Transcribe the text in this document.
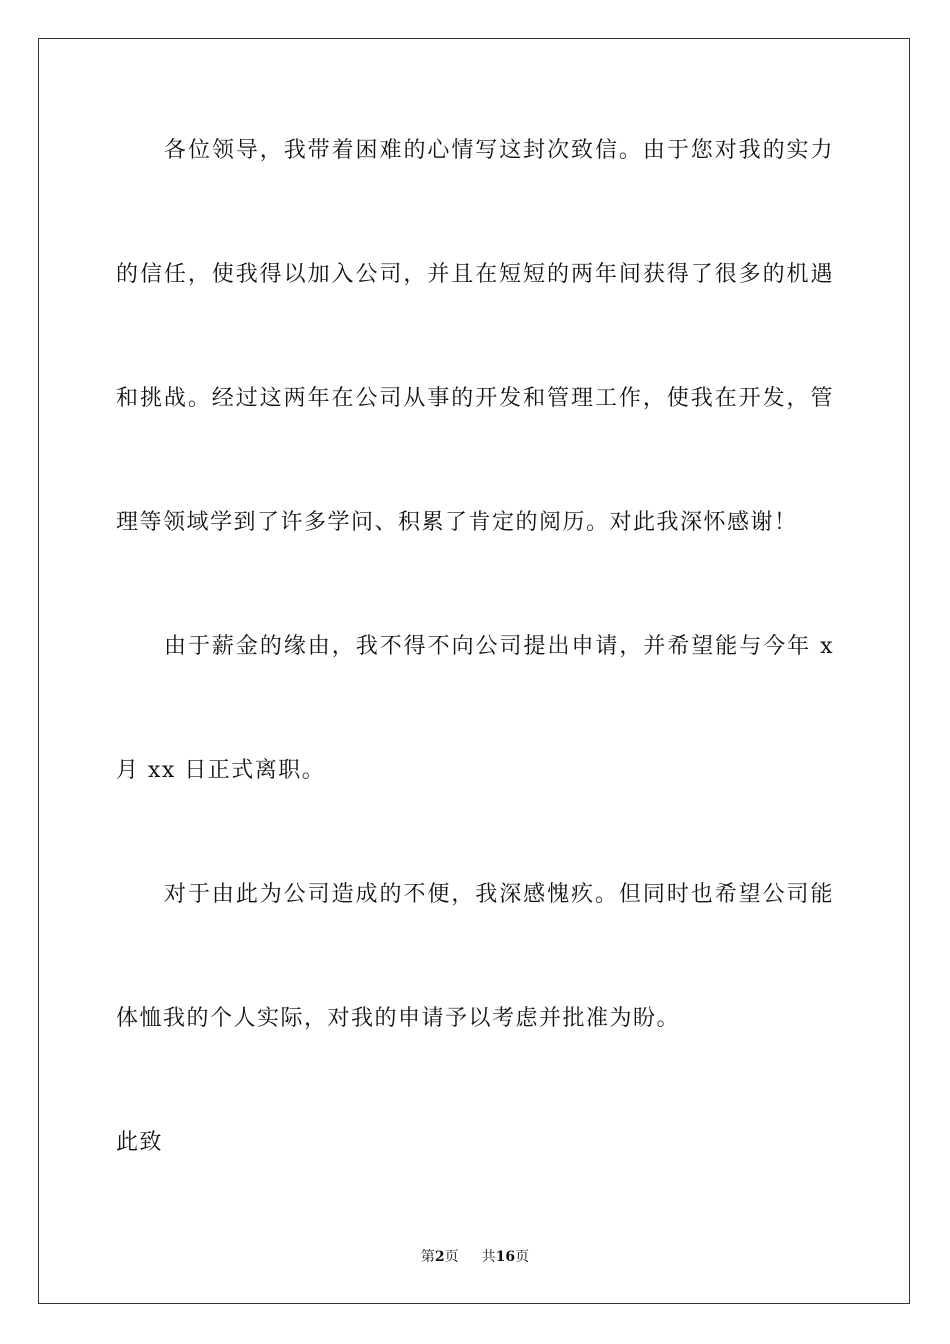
各位领导，我带着困难的心情写这封次致信。由于您对我的实力
的信任，使我得以加入公司，并且在短短的两年间获得了很多的机遇
和挑战。经过这两年在公司从事的开发和管理工作，使我在开发，管
理等领域学到了许多学问、积累了肯定的阅历。对此我深怀感谢！
由于薪金的缘由，我不得不向公司提出申请，并希望能与今年 x
月 xx 日正式离职。
对于由此为公司造成的不便，我深感愧疚。但同时也希望公司能
体恤我的个人实际，对我的申请予以考虑并批准为盼。
此致
第2页 共16页
